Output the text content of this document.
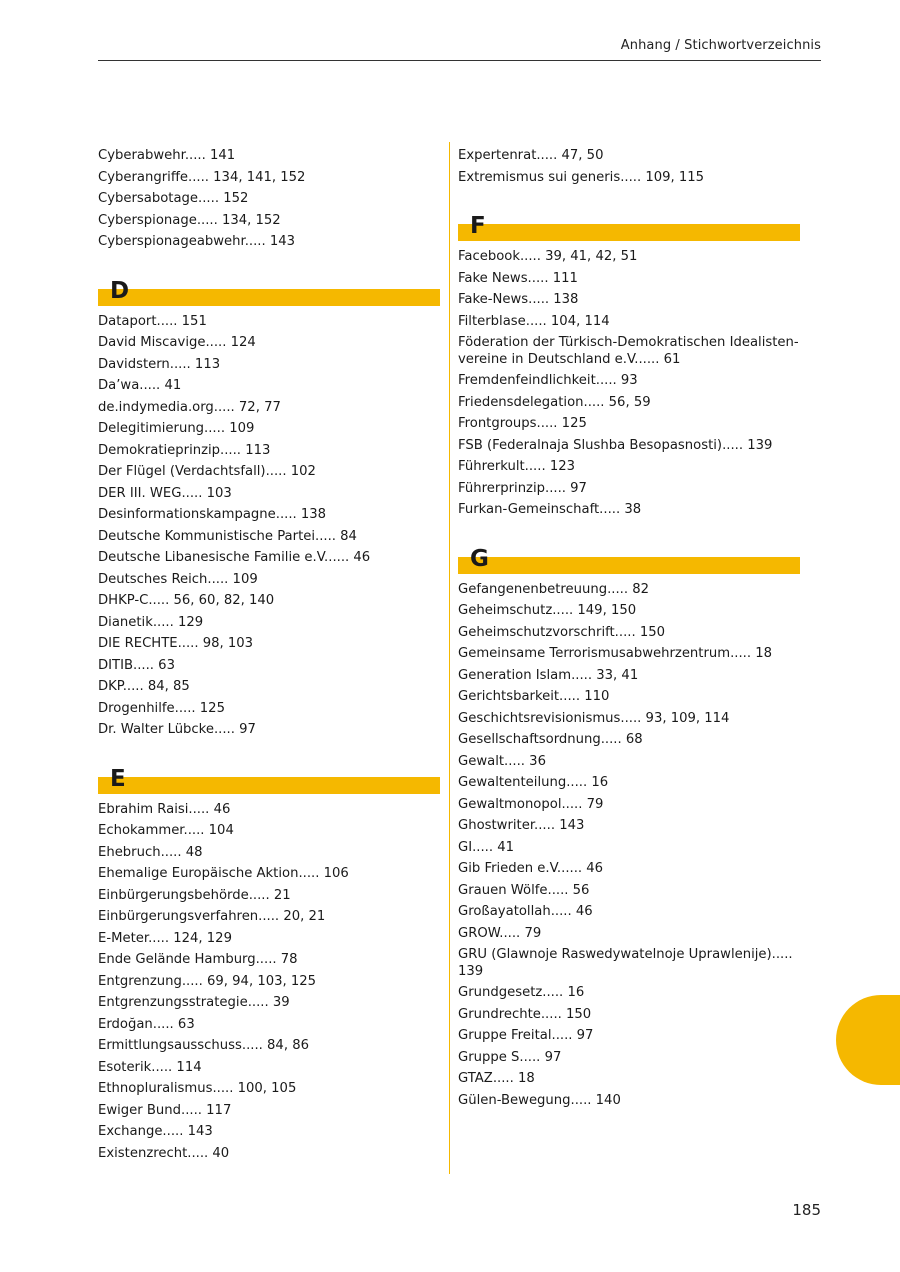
Anhang / Stichwortverzeichnis
Cyberabwehr..... 141
Cyberangriffe..... 134, 141, 152
Cybersabotage..... 152
Cyberspionage..... 134, 152
Cyberspionageabwehr..... 143
D
Dataport..... 151
David Miscavige..... 124
Davidstern..... 113
Da’wa..... 41
de.indymedia.org..... 72, 77
Delegitimierung..... 109
Demokratieprinzip..... 113
Der Flügel (Verdachtsfall)..... 102
DER III. WEG..... 103
Desinformationskampagne..... 138
Deutsche Kommunistische Partei..... 84
Deutsche Libanesische Familie e.V...... 46
Deutsches Reich..... 109
DHKP-C..... 56, 60, 82, 140
Dianetik..... 129
DIE RECHTE..... 98, 103
DITIB..... 63
DKP..... 84, 85
Drogenhilfe..... 125
Dr. Walter Lübcke..... 97
E
Ebrahim Raisi..... 46
Echokammer..... 104
Ehebruch..... 48
Ehemalige Europäische Aktion..... 106
Einbürgerungsbehörde..... 21
Einbürgerungsverfahren..... 20, 21
E-Meter..... 124, 129
Ende Gelände Hamburg..... 78
Entgrenzung..... 69, 94, 103, 125
Entgrenzungsstrategie..... 39
Erdoğan..... 63
Ermittlungsausschuss..... 84, 86
Esoterik..... 114
Ethnopluralismus..... 100, 105
Ewiger Bund..... 117
Exchange..... 143
Existenzrecht..... 40
Expertenrat..... 47, 50
Extremismus sui generis..... 109, 115
F
Facebook..... 39, 41, 42, 51
Fake News..... 111
Fake-News..... 138
Filterblase..... 104, 114
Föderation der Türkisch-Demokratischen Idealisten-vereine in Deutschland e.V...... 61
Fremdenfeindlichkeit..... 93
Friedensdelegation..... 56, 59
Frontgroups..... 125
FSB (Federalnaja Slushba Besopasnosti)..... 139
Führerkult..... 123
Führerprinzip..... 97
Furkan-Gemeinschaft..... 38
G
Gefangenenbetreuung..... 82
Geheimschutz..... 149, 150
Geheimschutzvorschrift..... 150
Gemeinsame Terrorismusabwehrzentrum..... 18
Generation Islam..... 33, 41
Gerichtsbarkeit..... 110
Geschichtsrevisionismus..... 93, 109, 114
Gesellschaftsordnung..... 68
Gewalt..... 36
Gewaltenteilung..... 16
Gewaltmonopol..... 79
Ghostwriter..... 143
GI..... 41
Gib Frieden e.V...... 46
Grauen Wölfe..... 56
Großayatollah..... 46
GROW..... 79
GRU (Glawnoje Raswedywatelnoje Uprawlenije)..... 139
Grundgesetz..... 16
Grundrechte..... 150
Gruppe Freital..... 97
Gruppe S..... 97
GTAZ..... 18
Gülen-Bewegung..... 140
185
